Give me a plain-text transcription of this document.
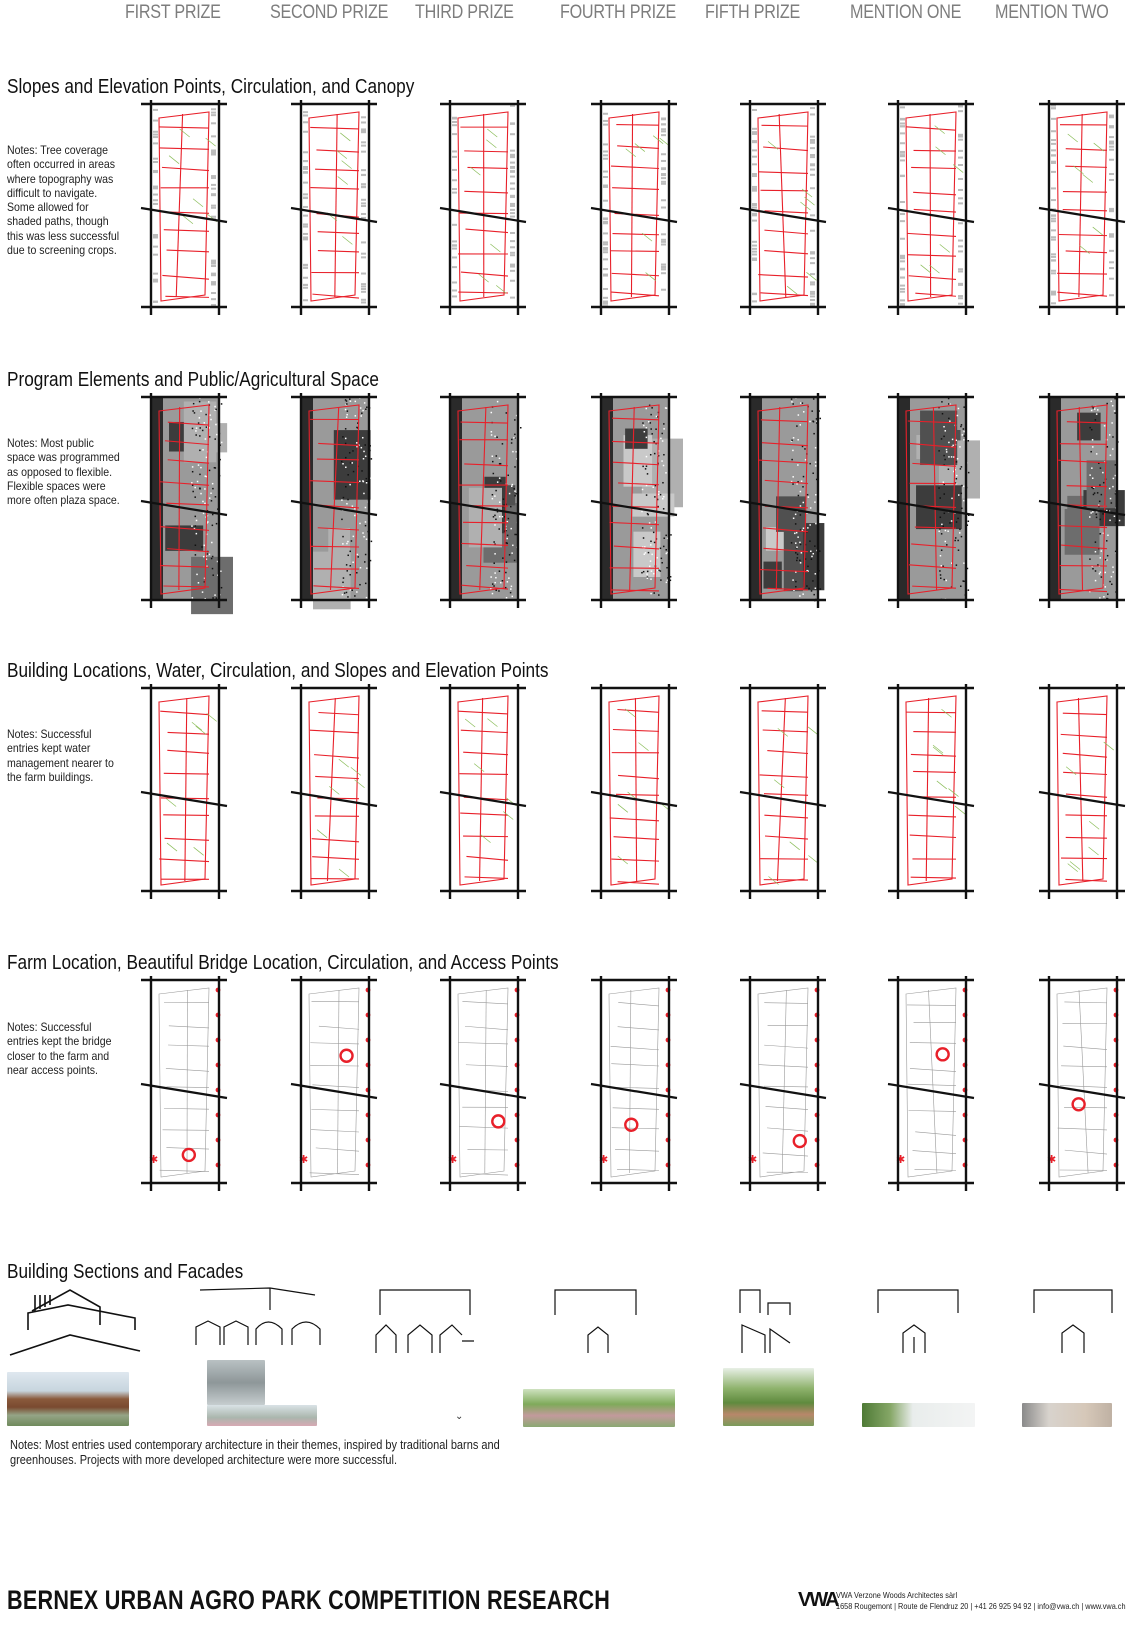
FIRST PRIZE	SECOND PRIZE THIRD PRIZE FOURTH PRIZE FIFTH PRIZE	MENTION ONE MENTION TWO
Slopes and Elevation Points, Circulation, and Canopy
Notes: Tree coverage often occurred in areas where topography was difficult to navigate. Some allowed for shaded paths, though this was less successful due to screening crops.
Program Elements and Public/Agricultural Space
Notes: Most public space was programmed as opposed to flexible. Flexible spaces were more often plaza space.
Building Locations, Water, Circulation, and Slopes and Elevation Points
Notes: Successful entries kept water management nearer to the farm buildings.
Farm Location, Beautiful Bridge Location, Circulation, and Access Points
Notes: Successful entries kept the bridge closer to the farm and near access points.
Building Sections and Facades
✱	✱	✱	✱	✱	✱	✱
⌄
Notes: Most entries used contemporary architecture in their themes, inspired by traditional barns and greenhouses. Projects with more developed architecture were more successful.
BERNEX URBAN AGRO PARK COMPETITION RESEARCH	VWA
VWA Verzone Woods Architectes sàrl
1658 Rougemont | Route de Flendruz 20 | +41 26 925 94 92 | info@vwa.ch | www.vwa.ch
